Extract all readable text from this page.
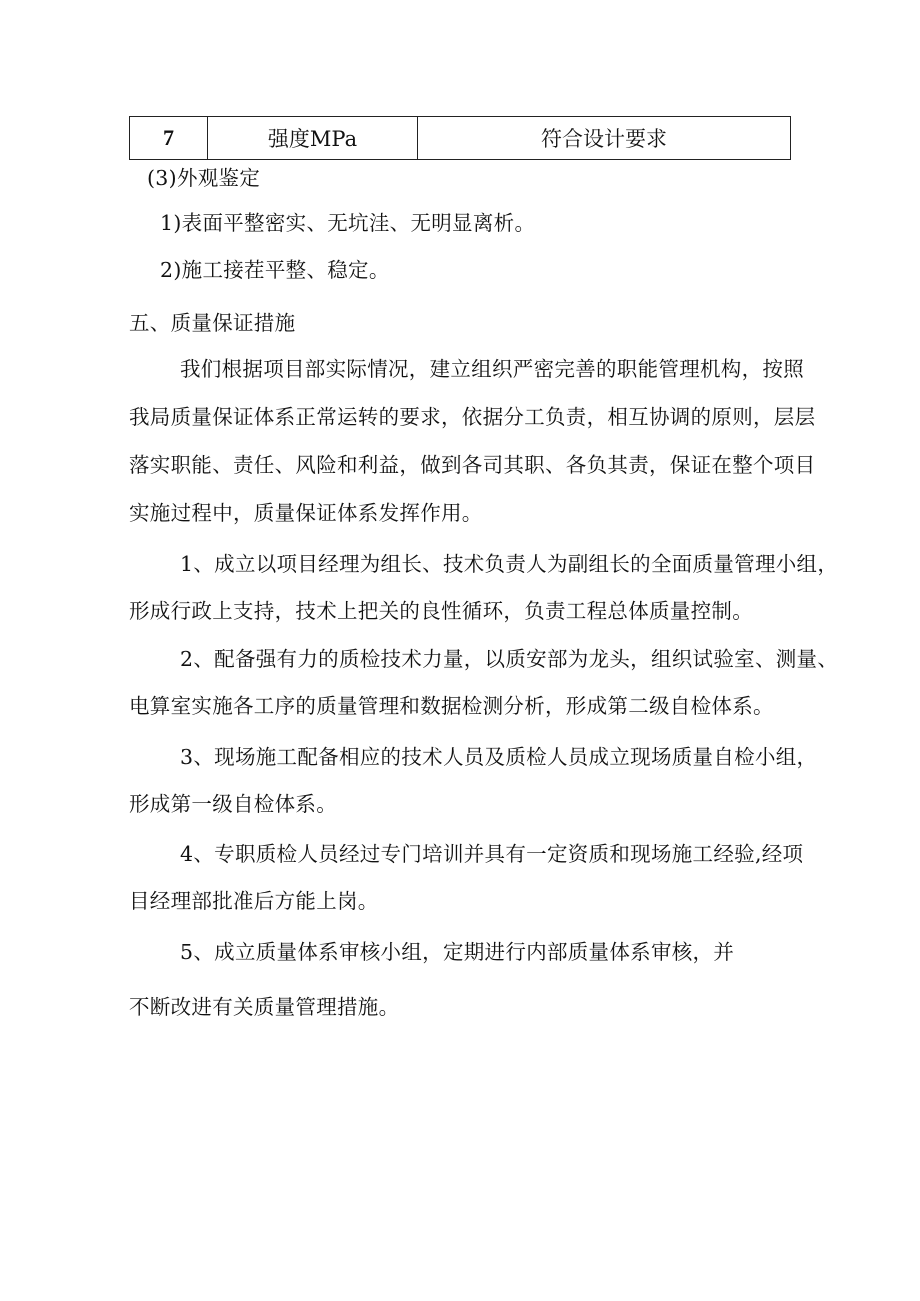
7	强度MPa	符合设计要求
(3)外观鉴定
1)表面平整密实、无坑洼、无明显离析。
2)施工接茬平整、稳定。
五、质量保证措施
我们根据项目部实际情况，建立组织严密完善的职能管理机构，按照
我局质量保证体系正常运转的要求，依据分工负责，相互协调的原则，层层
落实职能、责任、风险和利益，做到各司其职、各负其责，保证在整个项目
实施过程中，质量保证体系发挥作用。
1、成立以项目经理为组长、技术负责人为副组长的全面质量管理小组，
形成行政上支持，技术上把关的良性循环，负责工程总体质量控制。
2、配备强有力的质检技术力量，以质安部为龙头，组织试验室、测量、
电算室实施各工序的质量管理和数据检测分析，形成第二级自检体系。
3、现场施工配备相应的技术人员及质检人员成立现场质量自检小组，
形成第一级自检体系。
4、专职质检人员经过专门培训并具有一定资质和现场施工经验,经项
目经理部批准后方能上岗。
5、成立质量体系审核小组，定期进行内部质量体系审核，并
不断改进有关质量管理措施。
